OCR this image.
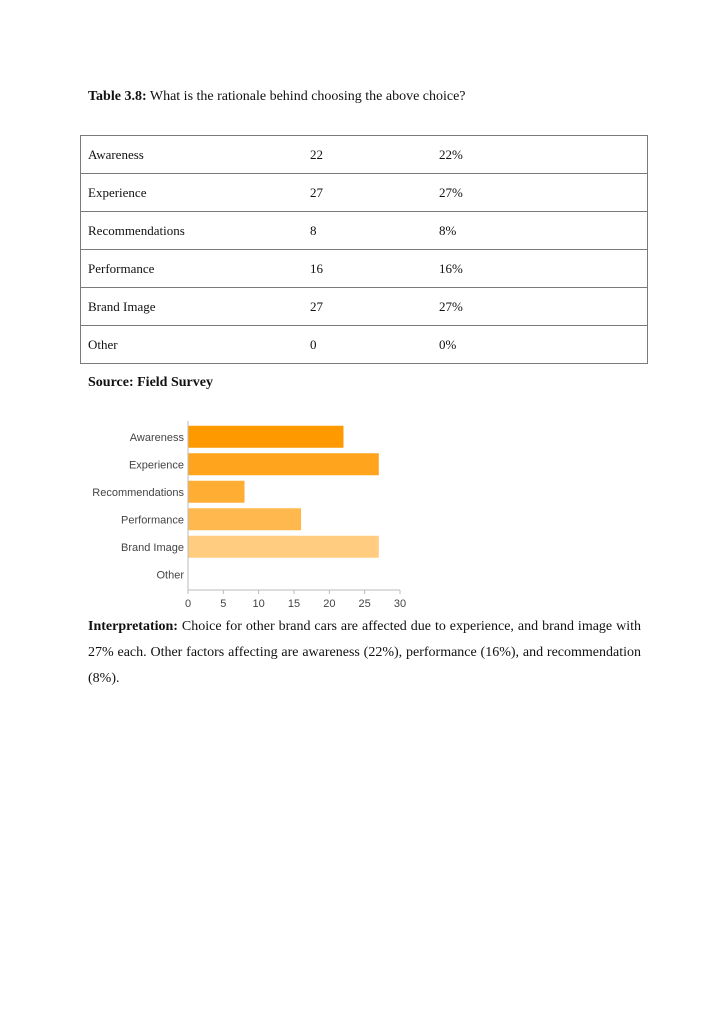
Table 3.8: What is the rationale behind choosing the above choice?
Awareness	22	22%
Experience	27	27%
Recommendations	8	8%
Performance	16	16%
Brand Image	27	27%
Other	0	0%
Source: Field Survey
Awareness
Experience
Recommendations
Performance
Brand Image
Other
0	5 10 15 20 25 30
Interpretation: Choice for other brand cars are affected due to experience, and brand image with 27% each. Other factors affecting are awareness (22%), performance (16%), and recommendation (8%).
